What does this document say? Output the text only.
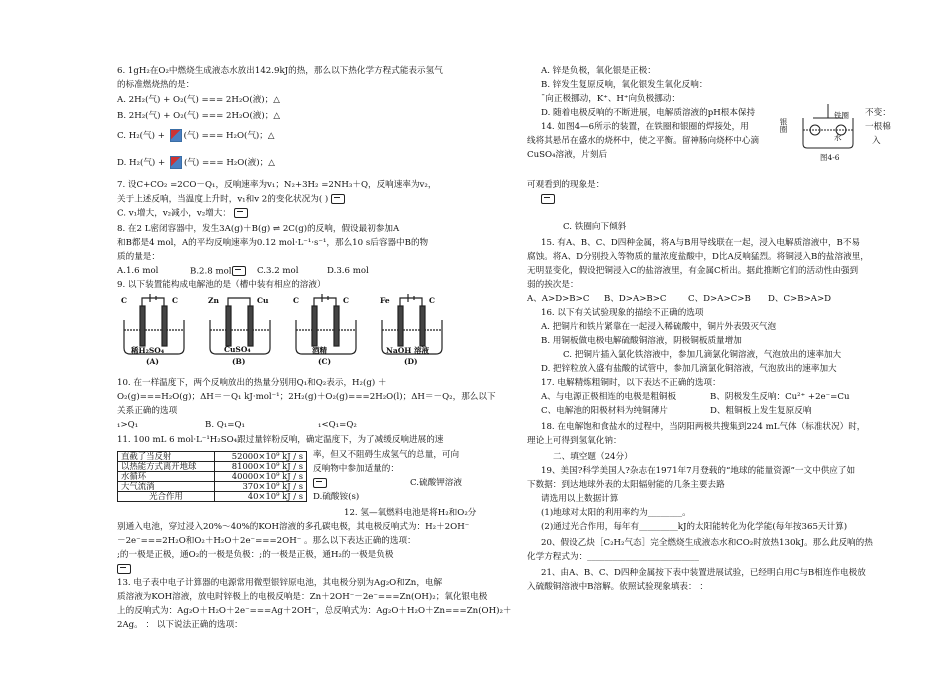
6. 1gH₂在O₂中燃烧生成液态水放出142.9kJ的热，那么以下热化学方程式能表示氢气
的标准燃烧热的是：
A. 2H₂(气) + O₂(气) === 2H₂O(液)；△
B. 2H₂(气) + O₂(气) === 2H₂O(液)；△
C. H₂(气) + (气) === H₂O(气)；△
D. H₂(气) + (气) === H₂O(液)；△
7. 设C+CO₂ =2CO－Q₁，反响速率为v₁；N₂+3H₂ =2NH₃＋Q，反响速率为v₂，
关于上述反响，当温度上升时，v₁和v 2的变化状况为( )
C. v₁增大，v₂减小，v₂增大：
8. 在2 L密闭容器中，发生3A(g)＋B(g) ⇌ 2C(g)的反响，假设最初参加A
和B都是4 mol，A的平均反响速率为0.12 mol·L⁻¹·s⁻¹，那么10 s后容器中B的物
质的量是：
A.1.6 mol	B.2.8 mol	C.3.2 mol	D.3.6 mol
9. 以下装置能构成电解池的是（槽中装有相应的溶液）
C	C
稀H₂SO₄
(A)
Zn	Cu
CuSO₄
(B)
C	C
酒精
(C)
Fe	C
NaOH 溶液
(D)
10. 在一样温度下，两个反响放出的热量分别用Q₁和Q₂表示，H₂(g) ＋
O₂(g)===H₂O(g)；ΔH＝－Q₁ kJ·mol⁻¹；2H₂(g)＋O₂(g)===2H₂O(l)；ΔH＝－Q₂，那么以下
关系正确的选项
₁>Q₁	B. Q₁=Q₁	₁<Q₁=Q₂
11. 100 mL 6 mol·L⁻¹H₂SO₄跟过量锌粉反响，确定温度下，为了减缓反响进展的速
率，但又不阻碍生成氢气的总量，可向
反响物中参加适量的：
C.硫酸钾溶液
D.硫酸铵(s)
直截了当反射	52000×10⁹ kJ / s
以热能方式离开地球	81000×10⁹ kJ / s
水循环	40000×10⁹ kJ / s
大气流淌	370×10⁹ kJ / s
光合作用	40×10⁹ kJ / s
12. 氢—氧燃料电池是将H₂和O₂分
别通入电池，穿过浸入20%～40%的KOH溶液的多孔碳电极，其电极反响式为：H₂＋2OH⁻
－2e⁻===2H₂O和O₂＋H₂O＋2e⁻===2OH⁻ 。那么以下表达正确的选项：
;的一极是正极，通O₂的一极是负极：;的一极是正极，通H₂的一极是负极
13. 电子表中电子计算器的电源常用微型银锌原电池，其电极分别为Ag₂O和Zn，电解
质溶液为KOH溶液，放电时锌极上的电极反响是：Zn＋2OH⁻－2e⁻===Zn(OH)₂；氧化银电极
上的反响式为：Ag₂O＋H₂O＋2e⁻===Ag＋2OH⁻，总反响式为：Ag₂O＋H₂O＋Zn===Zn(OH)₂＋
2Ag。 ： 以下说法正确的选项：
A. 锌是负极，氧化银是正极：
B. 锌发生复原反响，氧化银发生氧化反响：
¯向正极挪动，K⁺、H⁺向负极挪动：
D. 随着电极反响的不断进展，电解质溶液的pH根本保持
14. 如图4—6所示的装置，在铁圈和银圈的焊接处，用
线将其悬吊在盛水的烧杯中，使之平衡。留神肠向烧杯中心滴
CuSO₄溶液，片刻后
银圈
铁圈
水
图4-6
不变：
一根棉
入
可观看到的现象是：
C. 铁圈向下倾斜
15. 有A、B、C、D四种金属，将A与B用导线联在一起，浸入电解质溶液中，B不易
腐蚀。将A、D分别投入等物质的量浓度盐酸中，D比A反响猛烈。将铜浸入B的盐溶液里，
无明显变化，假设把铜浸入C的盐溶液里，有金属C析出。据此推断它们的活动性由强到
弱的挨次是：
A、A>D>B>C B、D>A>B>C	C、D>A>C>B D、C>B>A>D
16. 以下有关试验现象的描绘不正确的选项
A. 把铜片和铁片紧靠在一起浸入稀硫酸中，铜片外表毁灭气泡
B. 用铜板做电极电解硫酸铜溶液，阴极铜板质量增加
C. 把铜片插入氯化铁溶液中，参加几滴氯化铜溶液，气泡放出的速率加大
D. 把锌粒放入盛有盐酸的试管中，参加几滴氯化铜溶液，气泡放出的速率加大
17. 电解精炼粗铜时，以下表达不正确的选项：
A、与电源正极相连的电极是粗铜板	B、阴极发生反响：Cu²⁺ +2e⁻=Cu
C、电解池的阳极材料为纯铜薄片	D、粗铜板上发生复原反响
18. 在电解饱和食盐水的过程中，当阴阳两极共搜集到224 mL气体（标准状况）时，
理论上可得到氢氧化钠：
二、填空题（24分）
19、美国?科学美国人?杂志在1971年7月登载的“地球的能量资源”一文中供应了如
下数据：到达地球外表的太阳辐射能的几条主要去路
请选用以上数据计算
(1)地球对太阳的利用率约为________。
(2)通过光合作用，每年有_________kJ的太阳能转化为化学能(每年按365天计算)
20、假设乙炔［C₂H₂气态］完全燃烧生成液态水和CO₂时放热130kJ。那么此反响的热
化学方程式为：__________________________
21、由A、B、C、D四种金属按下表中装置进展试验，已经明白用C与B相连作电极放
入硫酸铜溶液中B溶解。依照试验现象填表： ：
